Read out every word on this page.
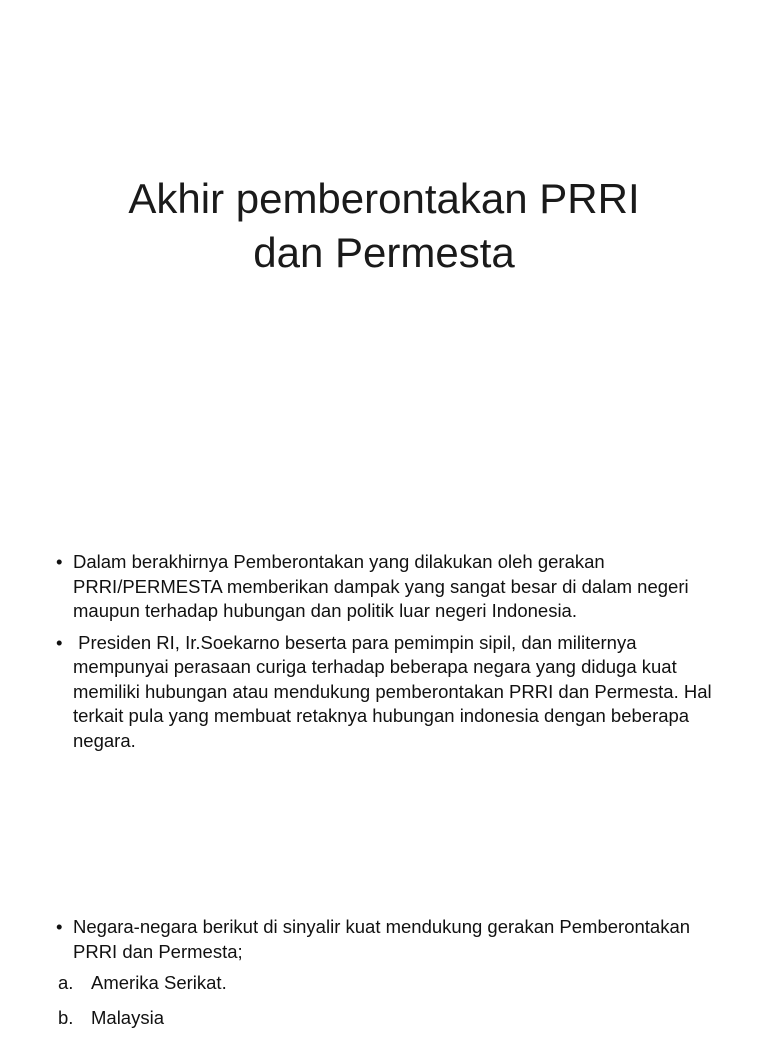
Akhir pemberontakan PRRI
dan Permesta
• Dalam berakhirnya Pemberontakan yang dilakukan oleh gerakan PRRI/PERMESTA memberikan dampak yang sangat besar di dalam negeri maupun terhadap hubungan dan politik luar negeri Indonesia.
• Presiden RI, Ir.Soekarno beserta para pemimpin sipil, dan militernya mempunyai perasaan curiga terhadap beberapa negara yang diduga kuat memiliki hubungan atau mendukung pemberontakan PRRI dan Permesta. Hal terkait pula yang membuat retaknya hubungan indonesia dengan beberapa negara.
• Negara-negara berikut di sinyalir kuat mendukung gerakan Pemberontakan PRRI dan Permesta;
a. Amerika Serikat.
b. Malaysia
